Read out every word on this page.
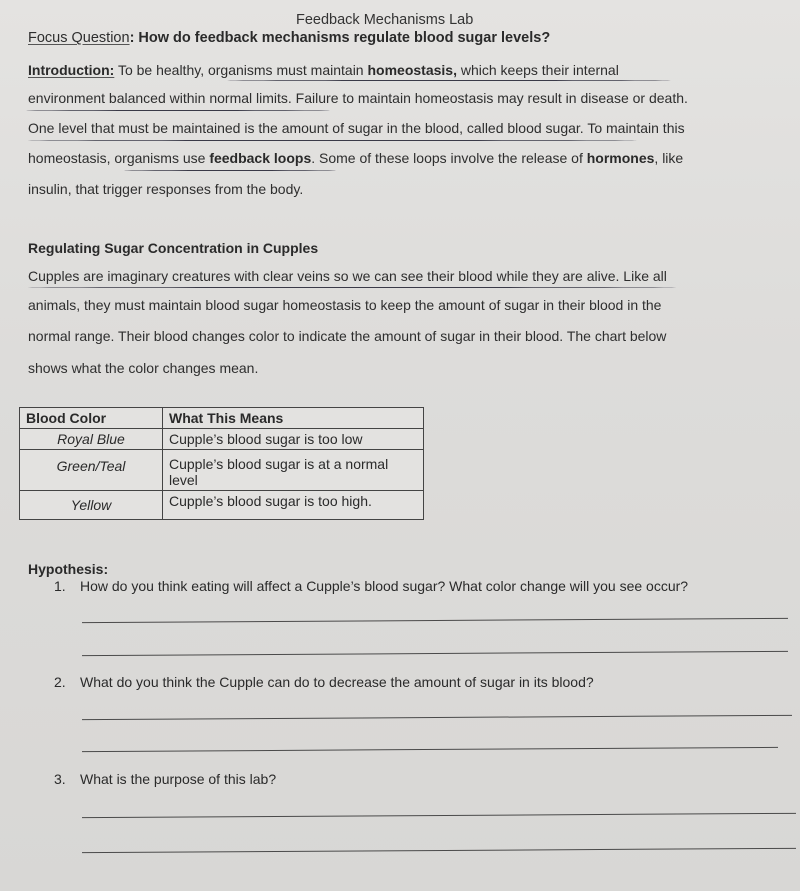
Feedback Mechanisms Lab
Focus Question: How do feedback mechanisms regulate blood sugar levels?
Introduction: To be healthy, organisms must maintain homeostasis, which keeps their internal
environment balanced within normal limits. Failure to maintain homeostasis may result in disease or death.
One level that must be maintained is the amount of sugar in the blood, called blood sugar. To maintain this
homeostasis, organisms use feedback loops. Some of these loops involve the release of hormones, like
insulin, that trigger responses from the body.
Regulating Sugar Concentration in Cupples
Cupples are imaginary creatures with clear veins so we can see their blood while they are alive. Like all
animals, they must maintain blood sugar homeostasis to keep the amount of sugar in their blood in the
normal range. Their blood changes color to indicate the amount of sugar in their blood. The chart below
shows what the color changes mean.
Blood Color	What This Means
Royal Blue	Cupple’s blood sugar is too low
Green/Teal	Cupple’s blood sugar is at a normal level
Yellow	Cupple’s blood sugar is too high.
Hypothesis:
1. How do you think eating will affect a Cupple’s blood sugar? What color change will you see occur?
2. What do you think the Cupple can do to decrease the amount of sugar in its blood?
3. What is the purpose of this lab?
